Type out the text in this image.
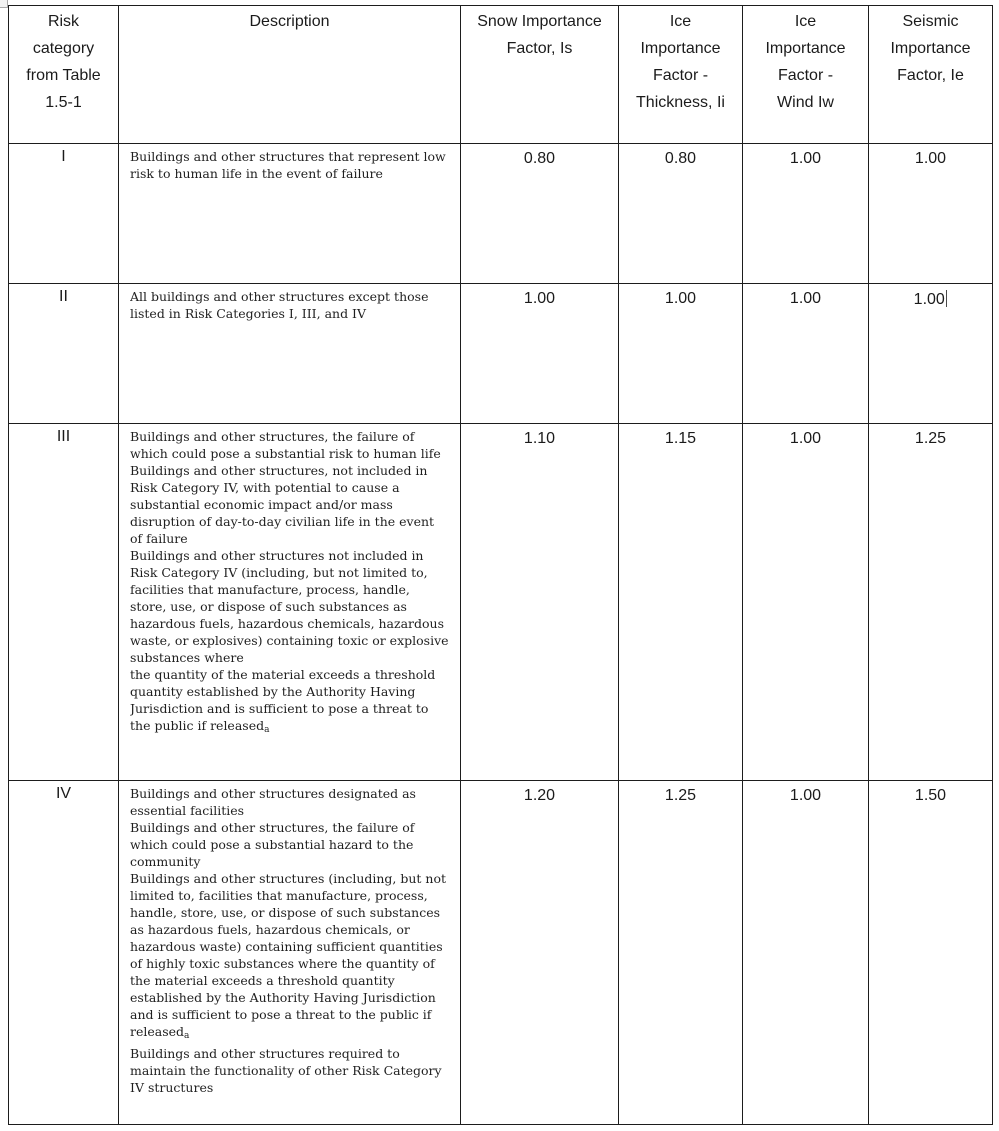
Risk category from Table 1.5-1	Description	Snow Importance Factor, Is	Ice Importance Factor - Thickness, Ii	Ice Importance Factor - Wind Iw	Seismic Importance Factor, Ie
I	Buildings and other structures that represent low risk to human life in the event of failure	0.80	0.80	1.00	1.00
II	All buildings and other structures except those listed in Risk Categories I, III, and IV	1.00	1.00	1.00	1.00
III	Buildings and other structures, the failure of which could pose a substantial risk to human life

Buildings and other structures, not included in Risk Category IV, with potential to cause a substantial economic impact and/or mass disruption of day-to-day civilian life in the event of failure

Buildings and other structures not included in Risk Category IV (including, but not limited to, facilities that manufacture, process, handle, store, use, or dispose of such substances as hazardous fuels, hazardous chemicals, hazardous waste, or explosives) containing toxic or explosive substances where

the quantity of the material exceeds a threshold quantity established by the Authority Having Jurisdiction and is sufficient to pose a threat to the public if released$_a$	1.10	1.15	1.00	1.25
IV	Buildings and other structures designated as essential facilities

Buildings and other structures, the failure of which could pose a substantial hazard to the community

Buildings and other structures (including, but not limited to, facilities that manufacture, process, handle, store, use, or dispose of such substances as hazardous fuels, hazardous chemicals, or hazardous waste) containing sufficient quantities of highly toxic substances where the quantity of the material exceeds a threshold quantity established by the Authority Having Jurisdiction and is sufficient to pose a threat to the public if released$_a$

Buildings and other structures required to maintain the functionality of other Risk Category IV structures	1.20	1.25	1.00	1.50
